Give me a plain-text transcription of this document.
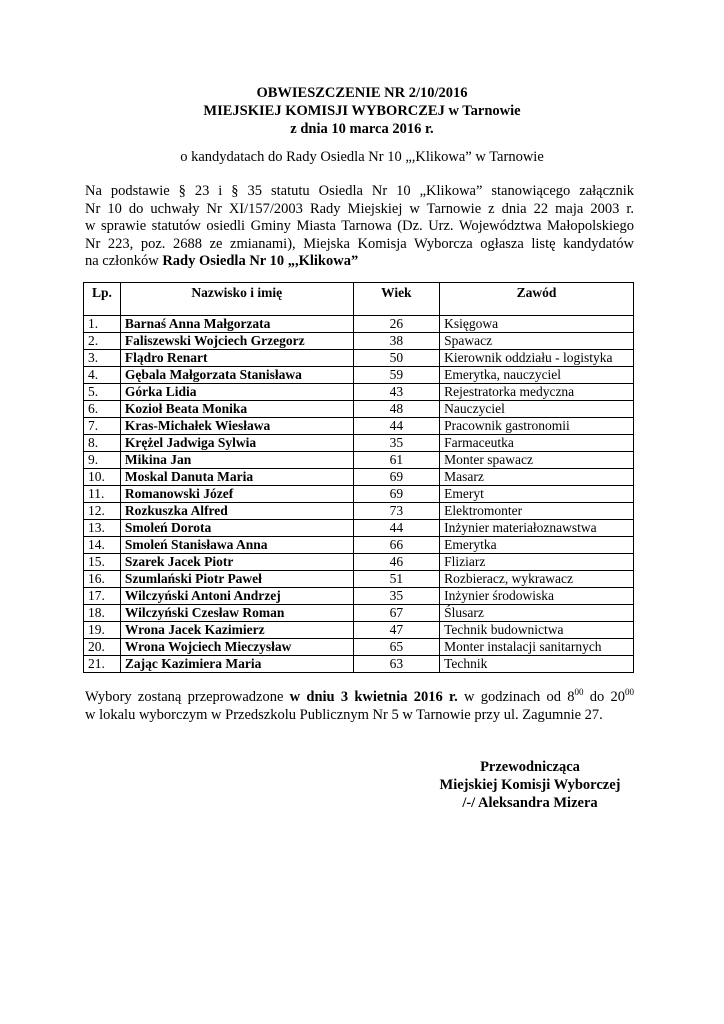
OBWIESZCZENIE NR 2/10/2016
MIEJSKIEJ KOMISJI WYBORCZEJ w Tarnowie
z dnia 10 marca 2016 r.
o kandydatach do Rady Osiedla Nr 10 „,Klikowa” w Tarnowie
Na podstawie § 23 i § 35 statutu Osiedla Nr 10 „Klikowa” stanowiącego załącznik
Nr 10 do uchwały Nr XI/157/2003 Rady Miejskiej w Tarnowie z dnia 22 maja 2003 r.
w sprawie statutów osiedli Gminy Miasta Tarnowa (Dz. Urz. Województwa Małopolskiego
Nr 223, poz. 2688 ze zmianami), Miejska Komisja Wyborcza ogłasza listę kandydatów
na członków Rady Osiedla Nr 10 „,Klikowa”
Lp.	Nazwisko i imię	Wiek	Zawód
1.	Barnaś Anna Małgorzata	26	Księgowa
2.	Faliszewski Wojciech Grzegorz	38	Spawacz
3.	Flądro Renart	50	Kierownik oddziału - logistyka
4.	Gębala Małgorzata Stanisława	59	Emerytka, nauczyciel
5.	Górka Lidia	43	Rejestratorka medyczna
6.	Kozioł Beata Monika	48	Nauczyciel
7.	Kras-Michałek Wiesława	44	Pracownik gastronomii
8.	Krężel Jadwiga Sylwia	35	Farmaceutka
9.	Mikina Jan	61	Monter spawacz
10.	Moskal Danuta Maria	69	Masarz
11.	Romanowski Józef	69	Emeryt
12.	Rozkuszka Alfred	73	Elektromonter
13.	Smoleń Dorota	44	Inżynier materiałoznawstwa
14.	Smoleń Stanisława Anna	66	Emerytka
15.	Szarek Jacek Piotr	46	Fliziarz
16.	Szumlański Piotr Paweł	51	Rozbieracz, wykrawacz
17.	Wilczyński Antoni Andrzej	35	Inżynier środowiska
18.	Wilczyński Czesław Roman	67	Ślusarz
19.	Wrona Jacek Kazimierz	47	Technik budownictwa
20.	Wrona Wojciech Mieczysław	65	Monter instalacji sanitarnych
21.	Zając Kazimiera Maria	63	Technik
Wybory zostaną przeprowadzone w dniu 3 kwietnia 2016 r. w godzinach od $8^{00}$ do $20^{00}$
w lokalu wyborczym w Przedszkolu Publicznym Nr 5 w Tarnowie przy ul. Zagumnie 27.
Przewodnicząca
Miejskiej Komisji Wyborczej
/-/ Aleksandra Mizera
